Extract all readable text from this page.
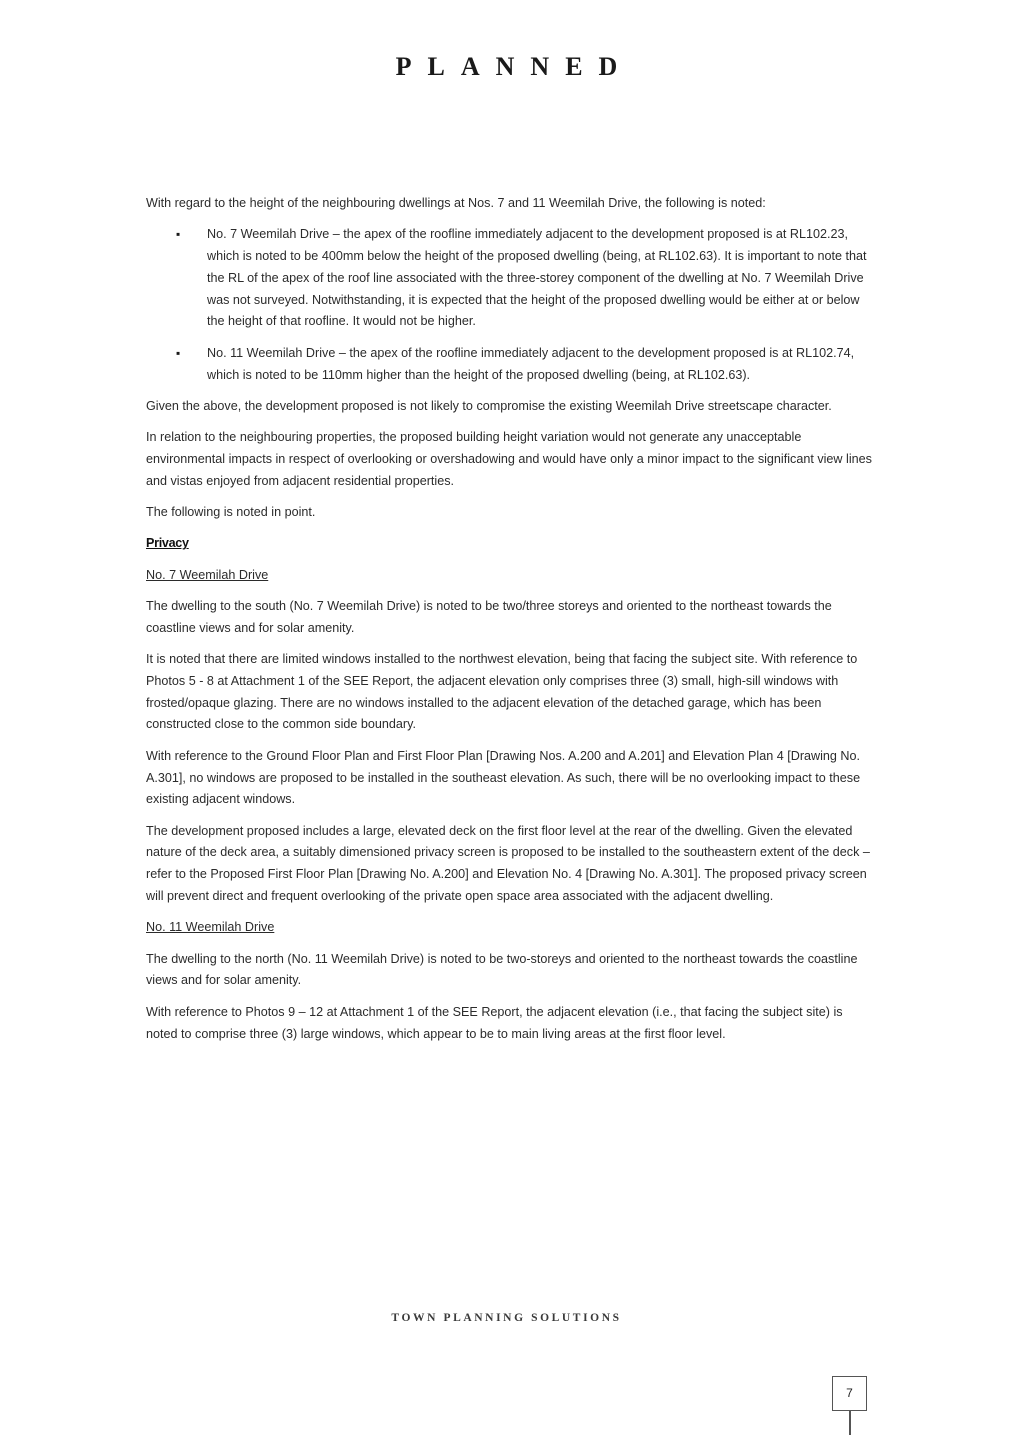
PLANNED

With regard to the height of the neighbouring dwellings at Nos. 7 and 11 Weemilah Drive, the following is noted:

▪ No. 7 Weemilah Drive – the apex of the roofline immediately adjacent to the development proposed is at RL102.23, which is noted to be 400mm below the height of the proposed dwelling (being, at RL102.63). It is important to note that the RL of the apex of the roof line associated with the three-storey component of the dwelling at No. 7 Weemilah Drive was not surveyed. Notwithstanding, it is expected that the height of the proposed dwelling would be either at or below the height of that roofline. It would not be higher.
▪ No. 11 Weemilah Drive – the apex of the roofline immediately adjacent to the development proposed is at RL102.74, which is noted to be 110mm higher than the height of the proposed dwelling (being, at RL102.63).

Given the above, the development proposed is not likely to compromise the existing Weemilah Drive streetscape character.

In relation to the neighbouring properties, the proposed building height variation would not generate any unacceptable environmental impacts in respect of overlooking or overshadowing and would have only a minor impact to the significant view lines and vistas enjoyed from adjacent residential properties.

The following is noted in point.

Privacy

No. 7 Weemilah Drive

The dwelling to the south (No. 7 Weemilah Drive) is noted to be two/three storeys and oriented to the northeast towards the coastline views and for solar amenity.

It is noted that there are limited windows installed to the northwest elevation, being that facing the subject site. With reference to Photos 5 - 8 at Attachment 1 of the SEE Report, the adjacent elevation only comprises three (3) small, high-sill windows with frosted/opaque glazing. There are no windows installed to the adjacent elevation of the detached garage, which has been constructed close to the common side boundary.

With reference to the Ground Floor Plan and First Floor Plan [Drawing Nos. A.200 and A.201] and Elevation Plan 4 [Drawing No. A.301], no windows are proposed to be installed in the southeast elevation. As such, there will be no overlooking impact to these existing adjacent windows.

The development proposed includes a large, elevated deck on the first floor level at the rear of the dwelling. Given the elevated nature of the deck area, a suitably dimensioned privacy screen is proposed to be installed to the southeastern extent of the deck – refer to the Proposed First Floor Plan [Drawing No. A.200] and Elevation No. 4 [Drawing No. A.301]. The proposed privacy screen will prevent direct and frequent overlooking of the private open space area associated with the adjacent dwelling.

No. 11 Weemilah Drive

The dwelling to the north (No. 11 Weemilah Drive) is noted to be two-storeys and oriented to the northeast towards the coastline views and for solar amenity.

With reference to Photos 9 – 12 at Attachment 1 of the SEE Report, the adjacent elevation (i.e., that facing the subject site) is noted to comprise three (3) large windows, which appear to be to main living areas at the first floor level.

TOWN PLANNING SOLUTIONS
7
